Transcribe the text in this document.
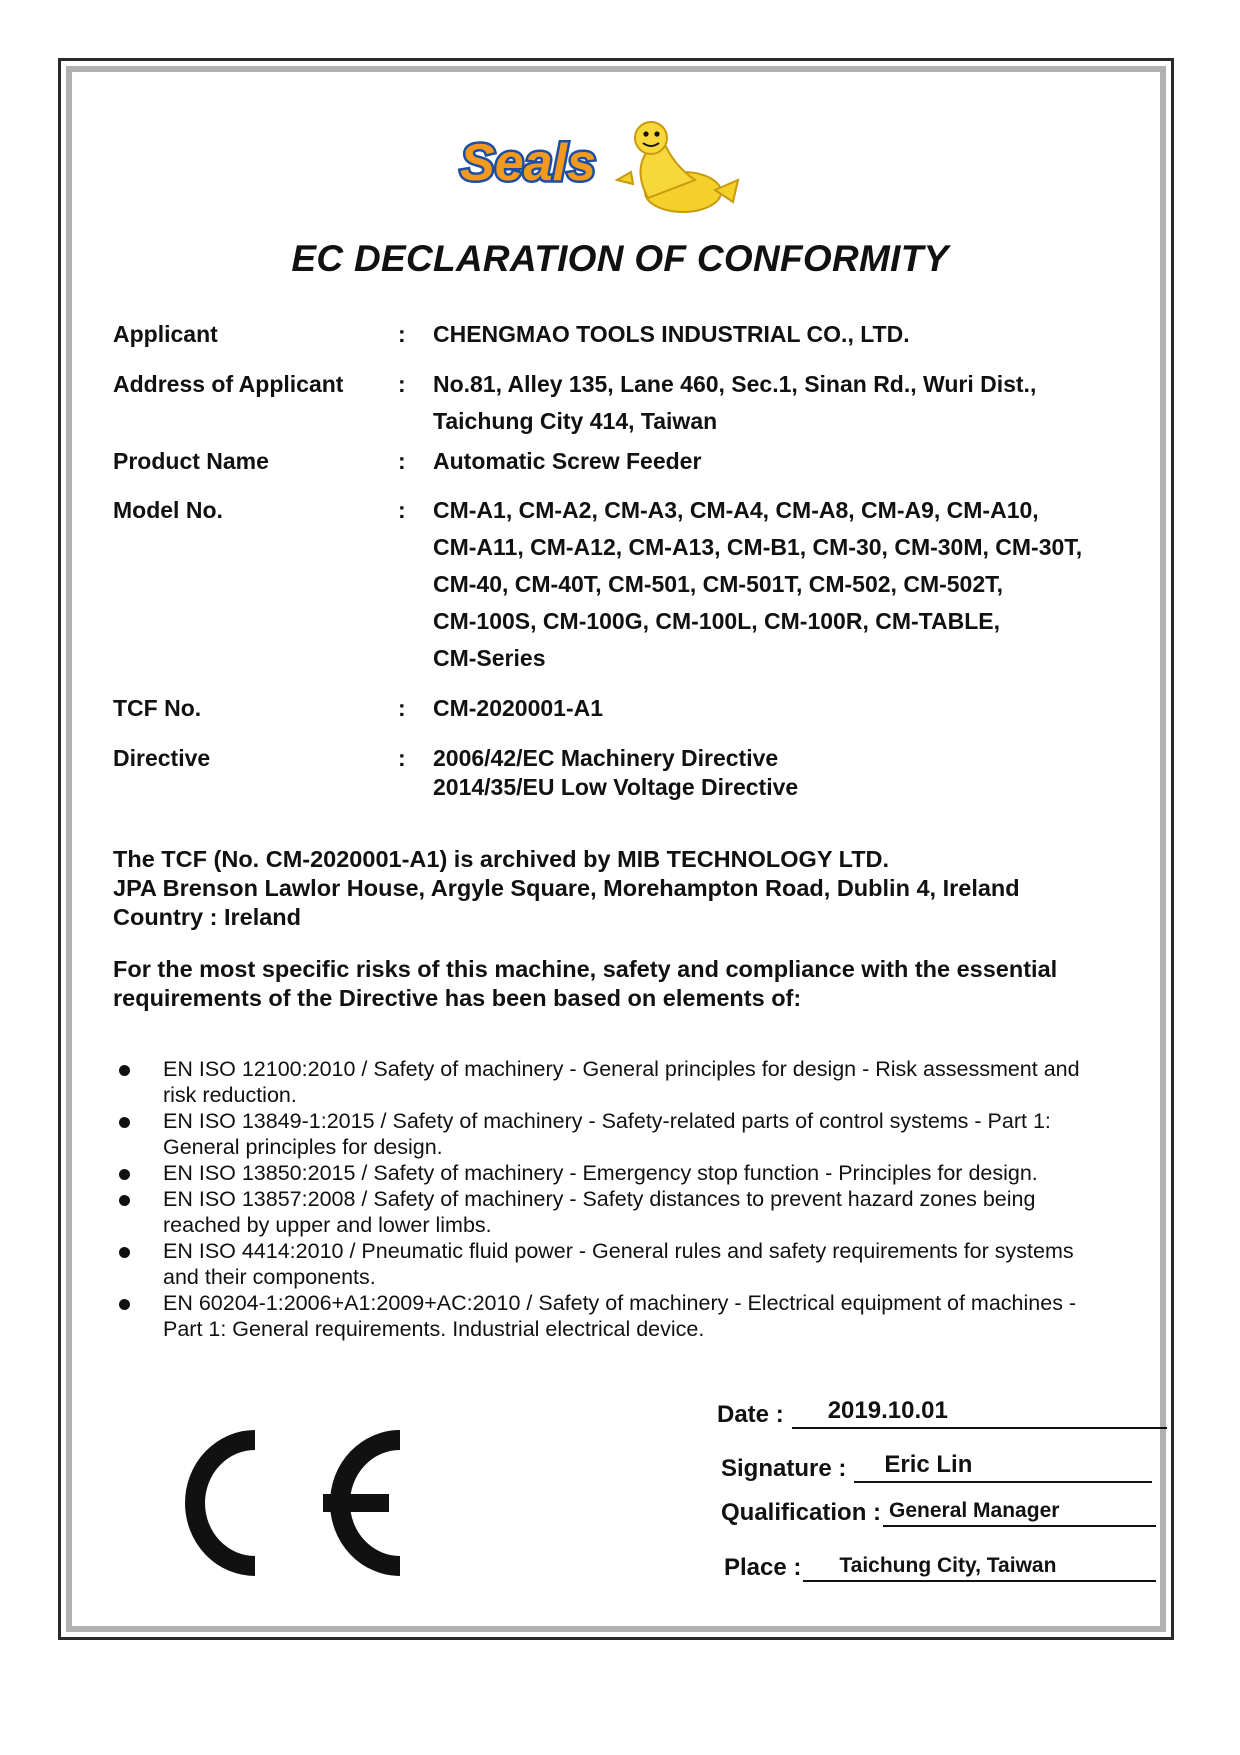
Seals
EC DECLARATION OF CONFORMITY
Applicant	: CHENGMAO TOOLS INDUSTRIAL CO., LTD.
Address of Applicant : No.81, Alley 135, Lane 460, Sec.1, Sinan Rd., Wuri Dist.,
Taichung City 414, Taiwan
Product Name	: Automatic Screw Feeder
Model No.	: CM-A1, CM-A2, CM-A3, CM-A4, CM-A8, CM-A9, CM-A10,
CM-A11, CM-A12, CM-A13, CM-B1, CM-30, CM-30M, CM-30T,
CM-40, CM-40T, CM-501, CM-501T, CM-502, CM-502T,
CM-100S, CM-100G, CM-100L, CM-100R, CM-TABLE,
CM-Series
TCF No.	: CM-2020001-A1
Directive	: 2006/42/EC Machinery Directive
2014/35/EU Low Voltage Directive
The TCF (No. CM-2020001-A1) is archived by MIB TECHNOLOGY LTD.
JPA Brenson Lawlor House, Argyle Square, Morehampton Road, Dublin 4, Ireland
Country : Ireland
For the most specific risks of this machine, safety and compliance with the essential
requirements of the Directive has been based on elements of:
EN ISO 12100:2010 / Safety of machinery - General principles for design - Risk assessment and
risk reduction.
EN ISO 13849-1:2015 / Safety of machinery - Safety-related parts of control systems - Part 1:
General principles for design.
EN ISO 13850:2015 / Safety of machinery - Emergency stop function - Principles for design.
EN ISO 13857:2008 / Safety of machinery - Safety distances to prevent hazard zones being
reached by upper and lower limbs.
EN ISO 4414:2010 / Pneumatic fluid power - General rules and safety requirements for systems
and their components.
EN 60204-1:2006+A1:2009+AC:2010 / Safety of machinery - Electrical equipment of machines -
Part 1: General requirements. Industrial electrical device.
Date : 2019.10.01
Signature : Eric Lin
Qualification : General Manager
Place : Taichung City, Taiwan
